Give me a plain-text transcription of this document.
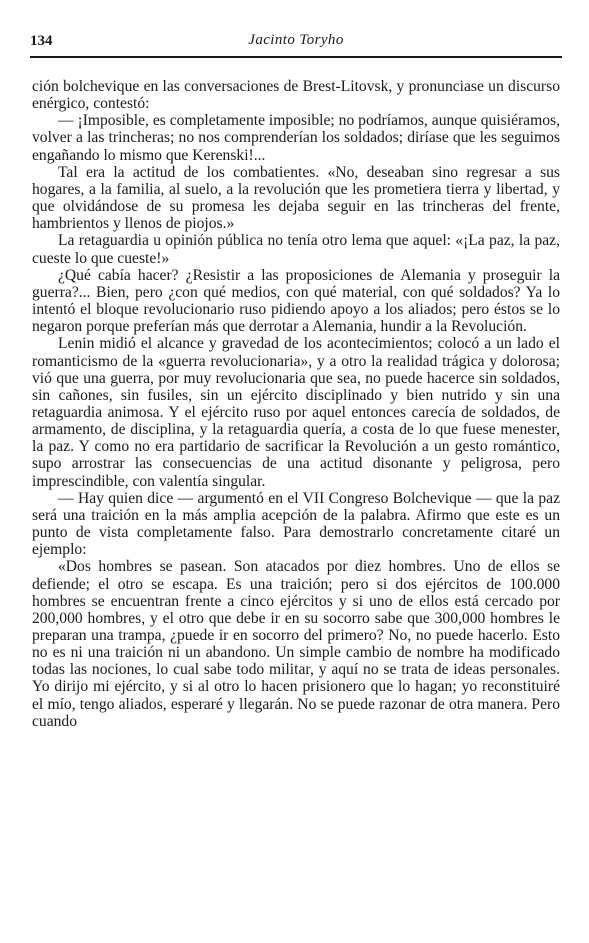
134	Jacinto Toryho

ción bolchevique en las conversaciones de Brest-Litovsk, y pronunciase un discurso enérgico, contestó:

— ¡Imposible, es completamente imposible; no podríamos, aunque quisiéramos, volver a las trincheras; no nos comprenderían los soldados; diríase que les seguimos engañando lo mismo que Kerenski!...

Tal era la actitud de los combatientes. «No, deseaban sino regresar a sus hogares, a la familia, al suelo, a la revolución que les prometiera tierra y libertad, y que olvidándose de su promesa les dejaba seguir en las trincheras del frente, hambrientos y llenos de piojos.»

La retaguardia u opinión pública no tenía otro lema que aquel: «¡La paz, la paz, cueste lo que cueste!»

¿Qué cabía hacer? ¿Resistir a las proposiciones de Alemania y proseguir la guerra?... Bien, pero ¿con qué medios, con qué material, con qué soldados? Ya lo intentó el bloque revolucionario ruso pidiendo apoyo a los aliados; pero éstos se lo negaron porque preferían más que derrotar a Alemania, hundir a la Revolución.

Lenin midió el alcance y gravedad de los acontecimientos; colocó a un lado el romanticismo de la «guerra revolucionaria», y a otro la realidad trágica y dolorosa; vió que una guerra, por muy revolucionaria que sea, no puede hacerce sin soldados, sin cañones, sin fusiles, sin un ejército disciplinado y bien nutrido y sin una retaguardia animosa. Y el ejército ruso por aquel entonces carecía de soldados, de armamento, de disciplina, y la retaguardia quería, a costa de lo que fuese menester, la paz. Y como no era partidario de sacrificar la Revolución a un gesto romántico, supo arrostrar las consecuencias de una actitud disonante y peligrosa, pero imprescindible, con valentía singular.

— Hay quien dice — argumentó en el VII Congreso Bolchevique — que la paz será una traición en la más amplia acepción de la palabra. Afirmo que este es un punto de vista completamente falso. Para demostrarlo concretamente citaré un ejemplo:

«Dos hombres se pasean. Son atacados por diez hombres. Uno de ellos se defiende; el otro se escapa. Es una traición; pero si dos ejércitos de 100.000 hombres se encuentran frente a cinco ejércitos y si uno de ellos está cercado por 200,000 hombres, y el otro que debe ir en su socorro sabe que 300,000 hombres le preparan una trampa, ¿puede ir en socorro del primero? No, no puede hacerlo. Esto no es ni una traición ni un abandono. Un simple cambio de nombre ha modificado todas las nociones, lo cual sabe todo militar, y aquí no se trata de ideas personales. Yo dirijo mi ejército, y si al otro lo hacen prisionero que lo hagan; yo reconstituiré el mío, tengo aliados, esperaré y llegarán. No se puede razonar de otra manera. Pero cuando
